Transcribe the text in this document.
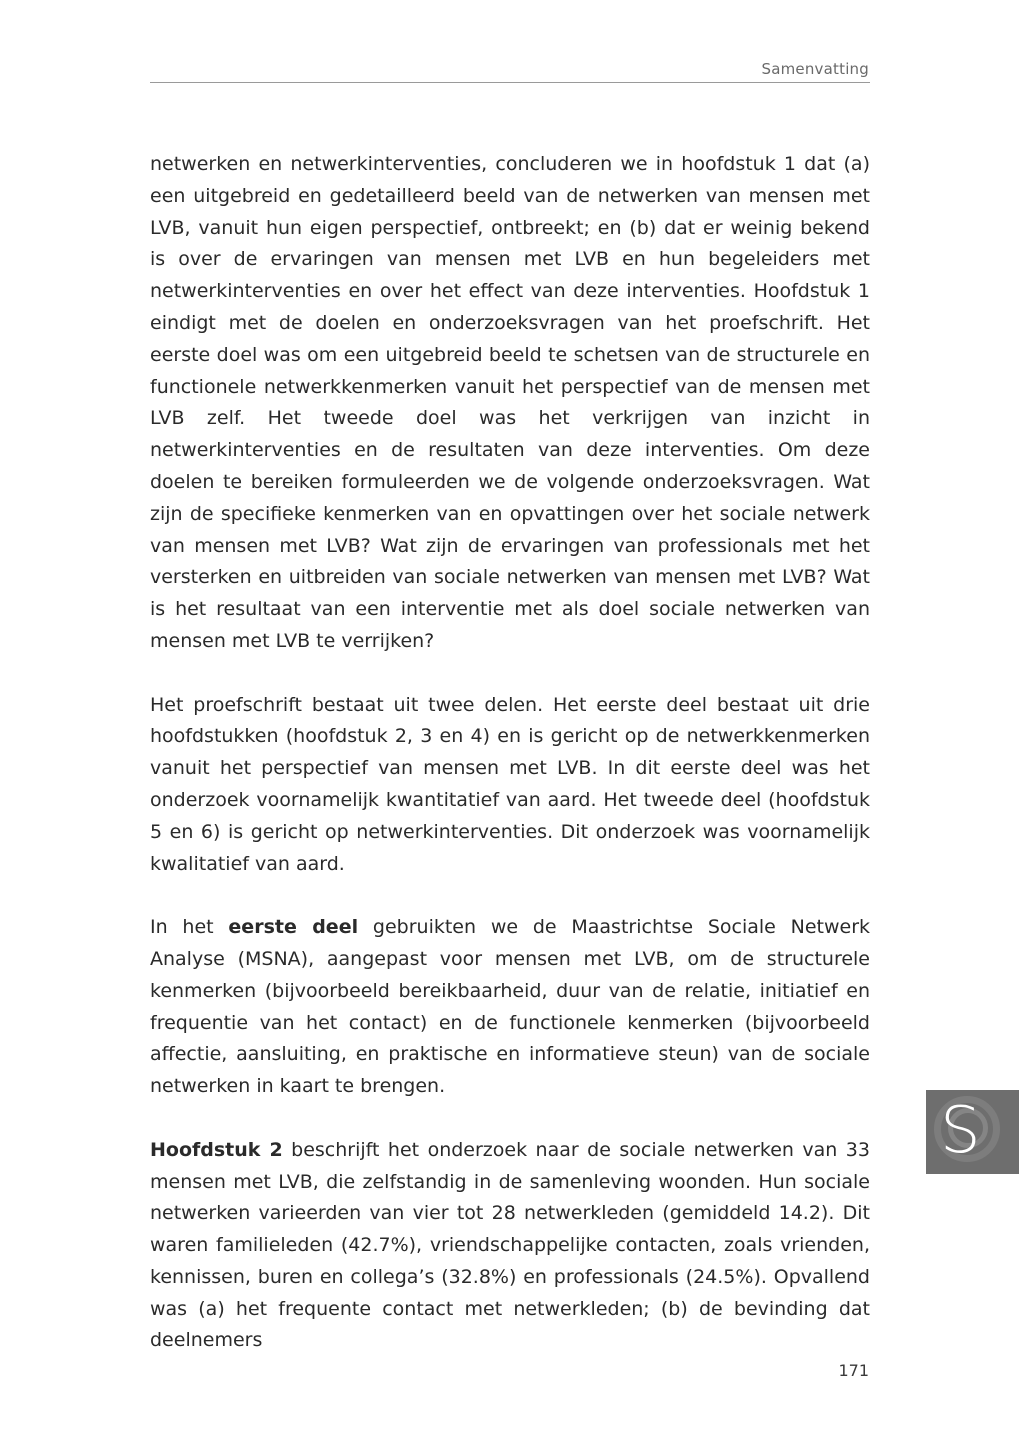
Samenvatting

netwerken en netwerkinterventies, concluderen we in hoofdstuk 1 dat (a) een uitgebreid en gedetailleerd beeld van de netwerken van mensen met LVB, vanuit hun eigen perspectief, ontbreekt; en (b) dat er weinig bekend is over de ervaringen van mensen met LVB en hun begeleiders met netwerkinterventies en over het effect van deze interventies. Hoofdstuk 1 eindigt met de doelen en onderzoeksvragen van het proefschrift. Het eerste doel was om een uitgebreid beeld te schetsen van de structurele en functionele netwerkkenmerken vanuit het perspectief van de mensen met LVB zelf. Het tweede doel was het verkrijgen van inzicht in netwerkinterventies en de resultaten van deze interventies. Om deze doelen te bereiken formuleerden we de volgende onderzoeksvragen. Wat zijn de specifieke kenmerken van en opvattingen over het sociale netwerk van mensen met LVB? Wat zijn de ervaringen van professionals met het versterken en uitbreiden van sociale netwerken van mensen met LVB? Wat is het resultaat van een interventie met als doel sociale netwerken van mensen met LVB te verrijken?

Het proefschrift bestaat uit twee delen. Het eerste deel bestaat uit drie hoofdstukken (hoofdstuk 2, 3 en 4) en is gericht op de netwerkkenmerken vanuit het perspectief van mensen met LVB. In dit eerste deel was het onderzoek voornamelijk kwantitatief van aard. Het tweede deel (hoofdstuk 5 en 6) is gericht op netwerkinterventies. Dit onderzoek was voornamelijk kwalitatief van aard.

In het eerste deel gebruikten we de Maastrichtse Sociale Netwerk Analyse (MSNA), aangepast voor mensen met LVB, om de structurele kenmerken (bijvoorbeeld bereikbaarheid, duur van de relatie, initiatief en frequentie van het contact) en de functionele kenmerken (bijvoorbeeld affectie, aansluiting, en praktische en informatieve steun) van de sociale netwerken in kaart te brengen.

Hoofdstuk 2 beschrijft het onderzoek naar de sociale netwerken van 33 mensen met LVB, die zelfstandig in de samenleving woonden. Hun sociale netwerken varieerden van vier tot 28 netwerkleden (gemiddeld 14.2). Dit waren familieleden (42.7%), vriendschappelijke contacten, zoals vrienden, kennissen, buren en collega’s (32.8%) en professionals (24.5%). Opvallend was (a) het frequente contact met netwerkleden; (b) de bevinding dat deelnemers

S
171
